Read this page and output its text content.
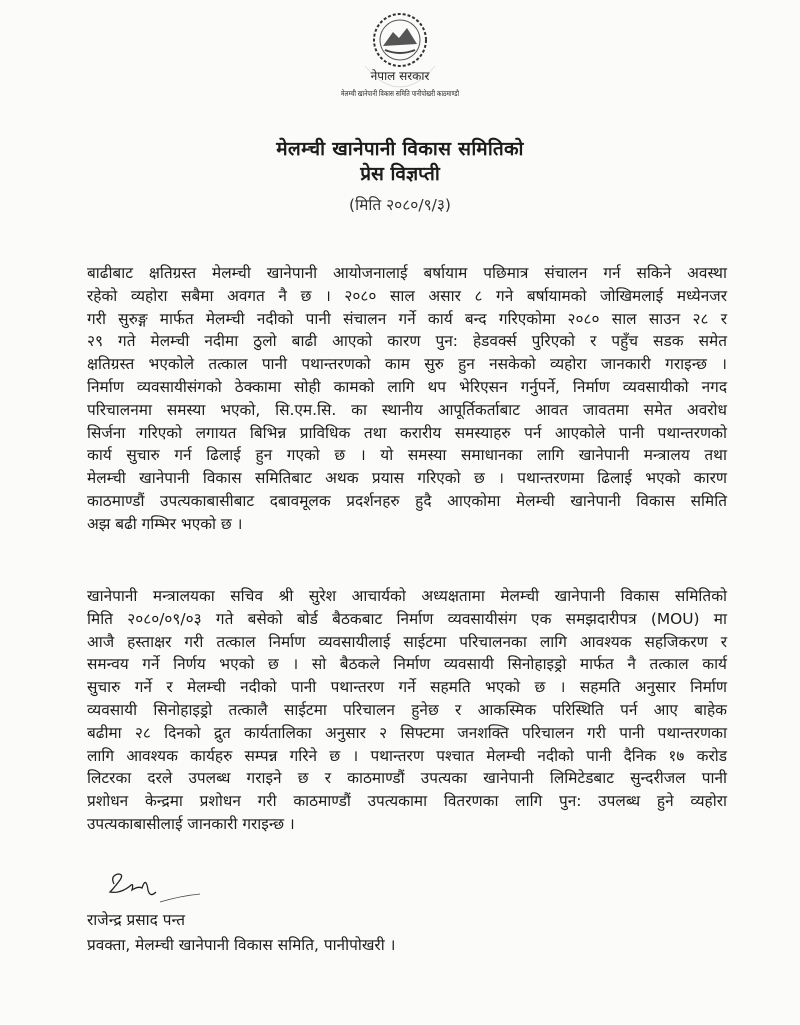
नेपाल सरकार
मेलम्ची खानेपानी विकास समिति पानीपोखरी काठमाण्डौ
मेलम्ची खानेपानी विकास समितिको
प्रेस विज्ञप्ती
(मिति २०८०/९/३)
बाढीबाट क्षतिग्रस्त मेलम्ची खानेपानी आयोजनालाई बर्षायाम पछिमात्र संचालन गर्न सकिने अवस्था
रहेको व्यहोरा सबैमा अवगत नै छ । २०८० साल असार ८ गने बर्षायामको जोखिमलाई मध्येनजर
गरी सुरुङ्ग मार्फत मेलम्ची नदीको पानी संचालन गर्ने कार्य बन्द गरिएकोमा २०८० साल साउन २८ र
२९ गते मेलम्ची नदीमा ठुलो बाढी आएको कारण पुन: हेडवर्क्स पुरिएको र पहुँच सडक समेत
क्षतिग्रस्त भएकोले तत्काल पानी पथान्तरणको काम सुरु हुन नसकेको व्यहोरा जानकारी गराइन्छ ।
निर्माण व्यवसायीसंगको ठेक्कामा सोही कामको लागि थप भेरिएसन गर्नुपर्ने, निर्माण व्यवसायीको नगद
परिचालनमा समस्या भएको, सि.एम.सि. का स्थानीय आपूर्तिकर्ताबाट आवत जावतमा समेत अवरोध
सिर्जना गरिएको लगायत बिभिन्न प्राविधिक तथा करारीय समस्याहरु पर्न आएकोले पानी पथान्तरणको
कार्य सुचारु गर्न ढिलाई हुन गएको छ । यो समस्या समाधानका लागि खानेपानी मन्त्रालय तथा
मेलम्ची खानेपानी विकास समितिबाट अथक प्रयास गरिएको छ । पथान्तरणमा ढिलाई भएको कारण
काठमाण्डौं उपत्यकाबासीबाट दबावमूलक प्रदर्शनहरु हुदै आएकोमा मेलम्ची खानेपानी विकास समिति
अझ बढी गम्भिर भएको छ ।
खानेपानी मन्त्रालयका सचिव श्री सुरेश आचार्यको अध्यक्षतामा मेलम्ची खानेपानी विकास समितिको
मिति २०८०/०९/०३ गते बसेको बोर्ड बैठकबाट निर्माण व्यवसायीसंग एक समझदारीपत्र (MOU) मा
आजै हस्ताक्षर गरी तत्काल निर्माण व्यवसायीलाई साईटमा परिचालनका लागि आवश्यक सहजिकरण र
समन्वय गर्ने निर्णय भएको छ । सो बैठकले निर्माण व्यवसायी सिनोहाइड्रो मार्फत नै तत्काल कार्य
सुचारु गर्ने र मेलम्ची नदीको पानी पथान्तरण गर्ने सहमति भएको छ । सहमति अनुसार निर्माण
व्यवसायी सिनोहाइड्रो तत्कालै साईटमा परिचालन हुनेछ र आकस्मिक परिस्थिति पर्न आए बाहेक
बढीमा २८ दिनको द्रुत कार्यतालिका अनुसार २ सिफ्टमा जनशक्ति परिचालन गरी पानी पथान्तरणका
लागि आवश्यक कार्यहरु सम्पन्न गरिने छ । पथान्तरण पश्चात मेलम्ची नदीको पानी दैनिक १७ करोड
लिटरका दरले उपलब्ध गराइने छ र काठमाण्डौं उपत्यका खानेपानी लिमिटेडबाट सुन्दरीजल पानी
प्रशोधन केन्द्रमा प्रशोधन गरी काठमाण्डौं उपत्यकामा वितरणका लागि पुन: उपलब्ध हुने व्यहोरा
उपत्यकाबासीलाई जानकारी गराइन्छ ।
राजेन्द्र प्रसाद पन्त
प्रवक्ता, मेलम्ची खानेपानी विकास समिति, पानीपोखरी ।
